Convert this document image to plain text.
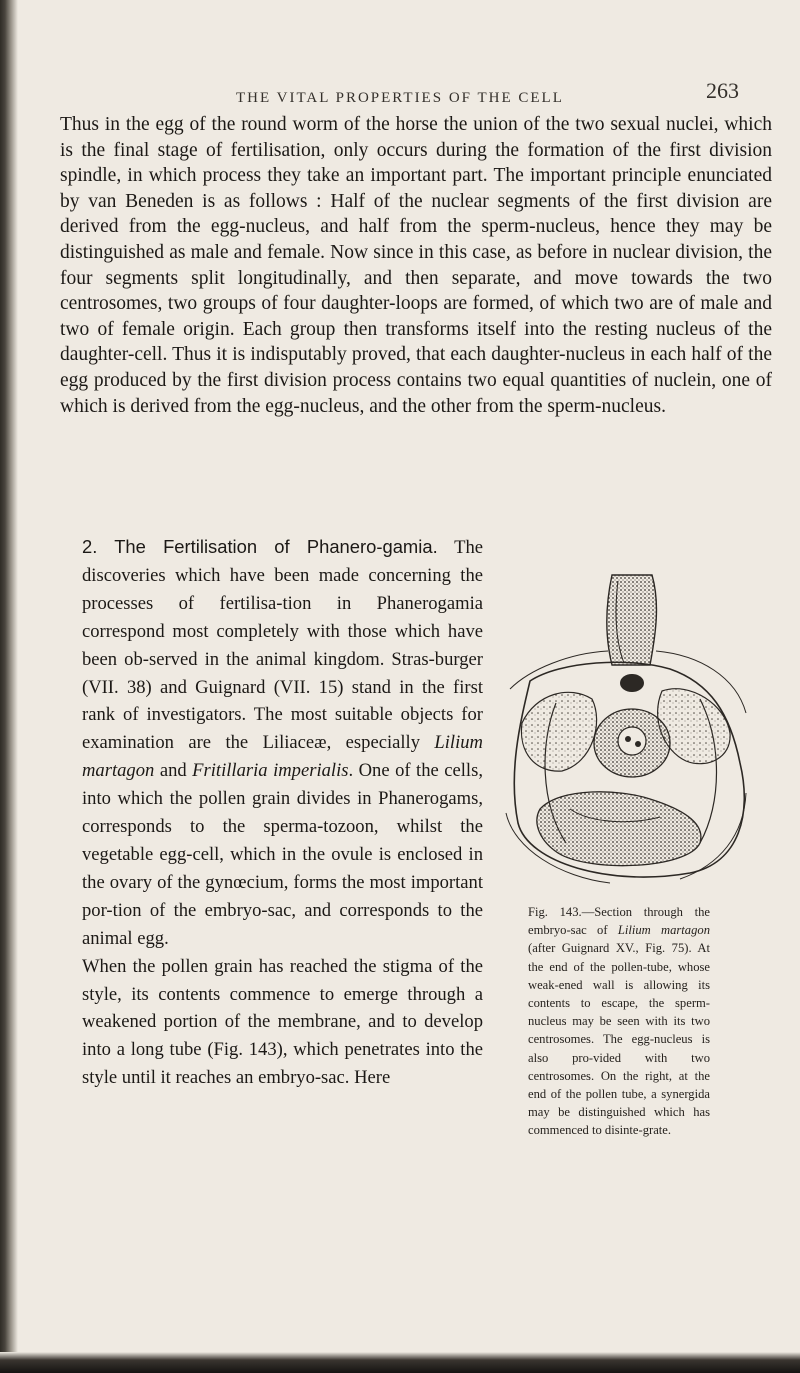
THE VITAL PROPERTIES OF THE CELL	263

Thus in the egg of the round worm of the horse the union of the two sexual nuclei, which is the final stage of fertilisation, only occurs during the formation of the first division spindle, in which process they take an important part. The important principle enunciated by van Beneden is as follows : Half of the nuclear segments of the first division are derived from the egg-nucleus, and half from the sperm-nucleus, hence they may be distinguished as male and female. Now since in this case, as before in nuclear division, the four segments split longitudinally, and then separate, and move towards the two centrosomes, two groups of four daughter-loops are formed, of which two are of male and two of female origin. Each group then transforms itself into the resting nucleus of the daughter-cell. Thus it is indisputably proved, that each daughter-nucleus in each half of the egg produced by the first division process contains two equal quantities of nuclein, one of which is derived from the egg-nucleus, and the other from the sperm-nucleus.

2. The Fertilisation of Phanero-gamia. The discoveries which have been made concerning the processes of fertilisa-tion in Phanerogamia correspond most completely with those which have been ob-served in the animal kingdom. Stras-burger (VII. 38) and Guignard (VII. 15) stand in the first rank of investigators. The most suitable objects for examination are the Liliaceæ, especially Lilium martagon and Fritillaria imperialis. One of the cells, into which the pollen grain divides in Phanerogams, corresponds to the sperma-tozoon, whilst the vegetable egg-cell, which in the ovule is enclosed in the ovary of the gynœcium, forms the most important por-tion of the embryo-sac, and corresponds to the animal egg.

When the pollen grain has reached the stigma of the style, its contents commence to emerge through a weakened portion of the membrane, and to develop into a long tube (Fig. 143), which penetrates into the style until it reaches an embryo-sac. Here

Fig. 143.—Section through the embryo-sac of Lilium martagon (after Guignard XV., Fig. 75). At the end of the pollen-tube, whose weak-ened wall is allowing its contents to escape, the sperm-nucleus may be seen with its two centrosomes. The egg-nucleus is also pro-vided with two centrosomes. On the right, at the end of the pollen tube, a synergida may be distinguished which has commenced to disinte-grate.
